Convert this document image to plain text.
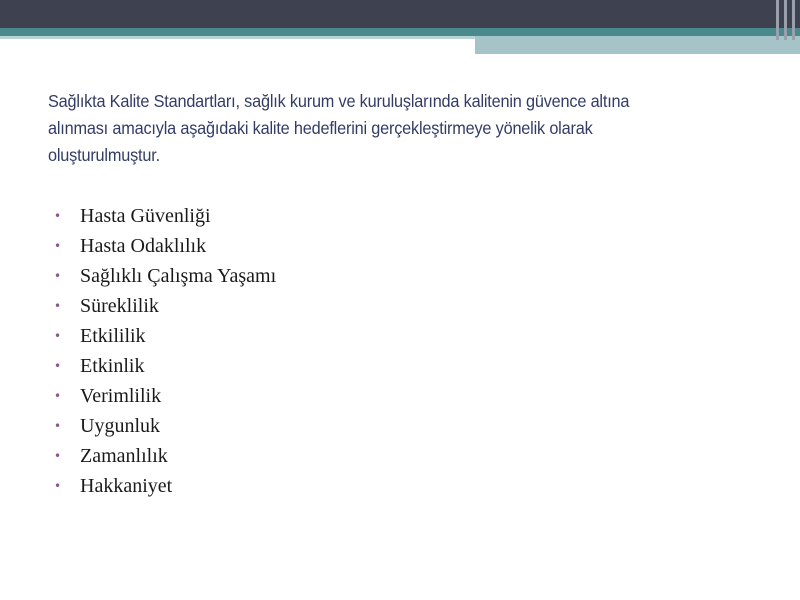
Sağlıkta Kalite Standartları, sağlık kurum ve kuruluşlarında kalitenin güvence altına alınması amacıyla aşağıdaki kalite hedeflerini gerçekleştirmeye yönelik olarak oluşturulmuştur.

• Hasta Güvenliği
• Hasta Odaklılık
• Sağlıklı Çalışma Yaşamı
• Süreklilik
• Etkililik
• Etkinlik
• Verimlilik
• Uygunluk
• Zamanlılık
• Hakkaniyet
